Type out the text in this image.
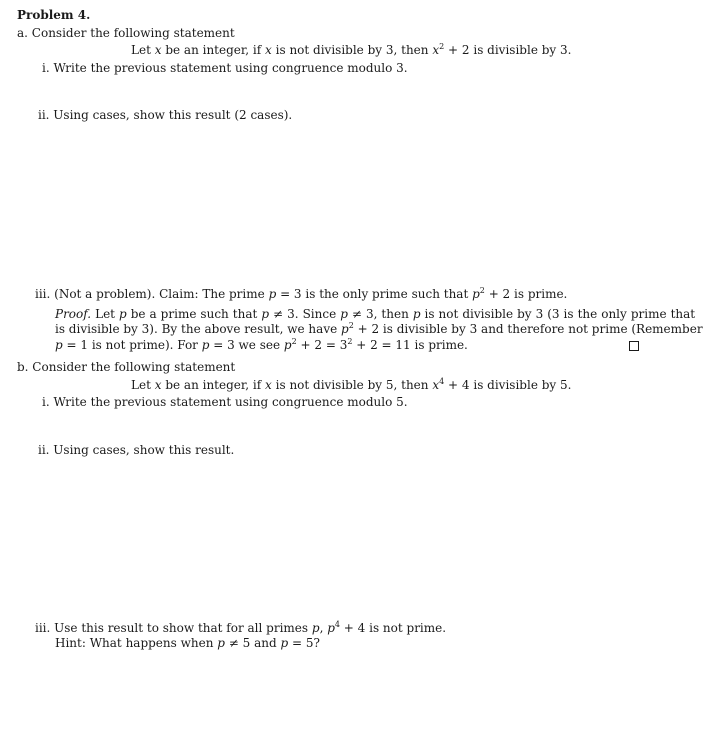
Problem 4.
a. Consider the following statement
Let x be an integer, if x is not divisible by 3, then $x^2 + 2$ is divisible by 3.
i. Write the previous statement using congruence modulo 3.
ii. Using cases, show this result (2 cases).
iii. (Not a problem). Claim: The prime p = 3 is the only prime such that $p^2 + 2$ is prime.
Proof. Let p be a prime such that p ≠ 3. Since p ≠ 3, then p is not divisible by 3 (3 is the only prime that
is divisible by 3). By the above result, we have $p^2 + 2$ is divisible by 3 and therefore not prime (Remember
p = 1 is not prime). For p = 3 we see $p^2 + 2 = 3^2 + 2 = 11$ is prime.
b. Consider the following statement
Let x be an integer, if x is not divisible by 5, then $x^4 + 4$ is divisible by 5.
i. Write the previous statement using congruence modulo 5.
ii. Using cases, show this result.
iii. Use this result to show that for all primes p, $p^4 + 4$ is not prime.
Hint: What happens when p ≠ 5 and p = 5?
